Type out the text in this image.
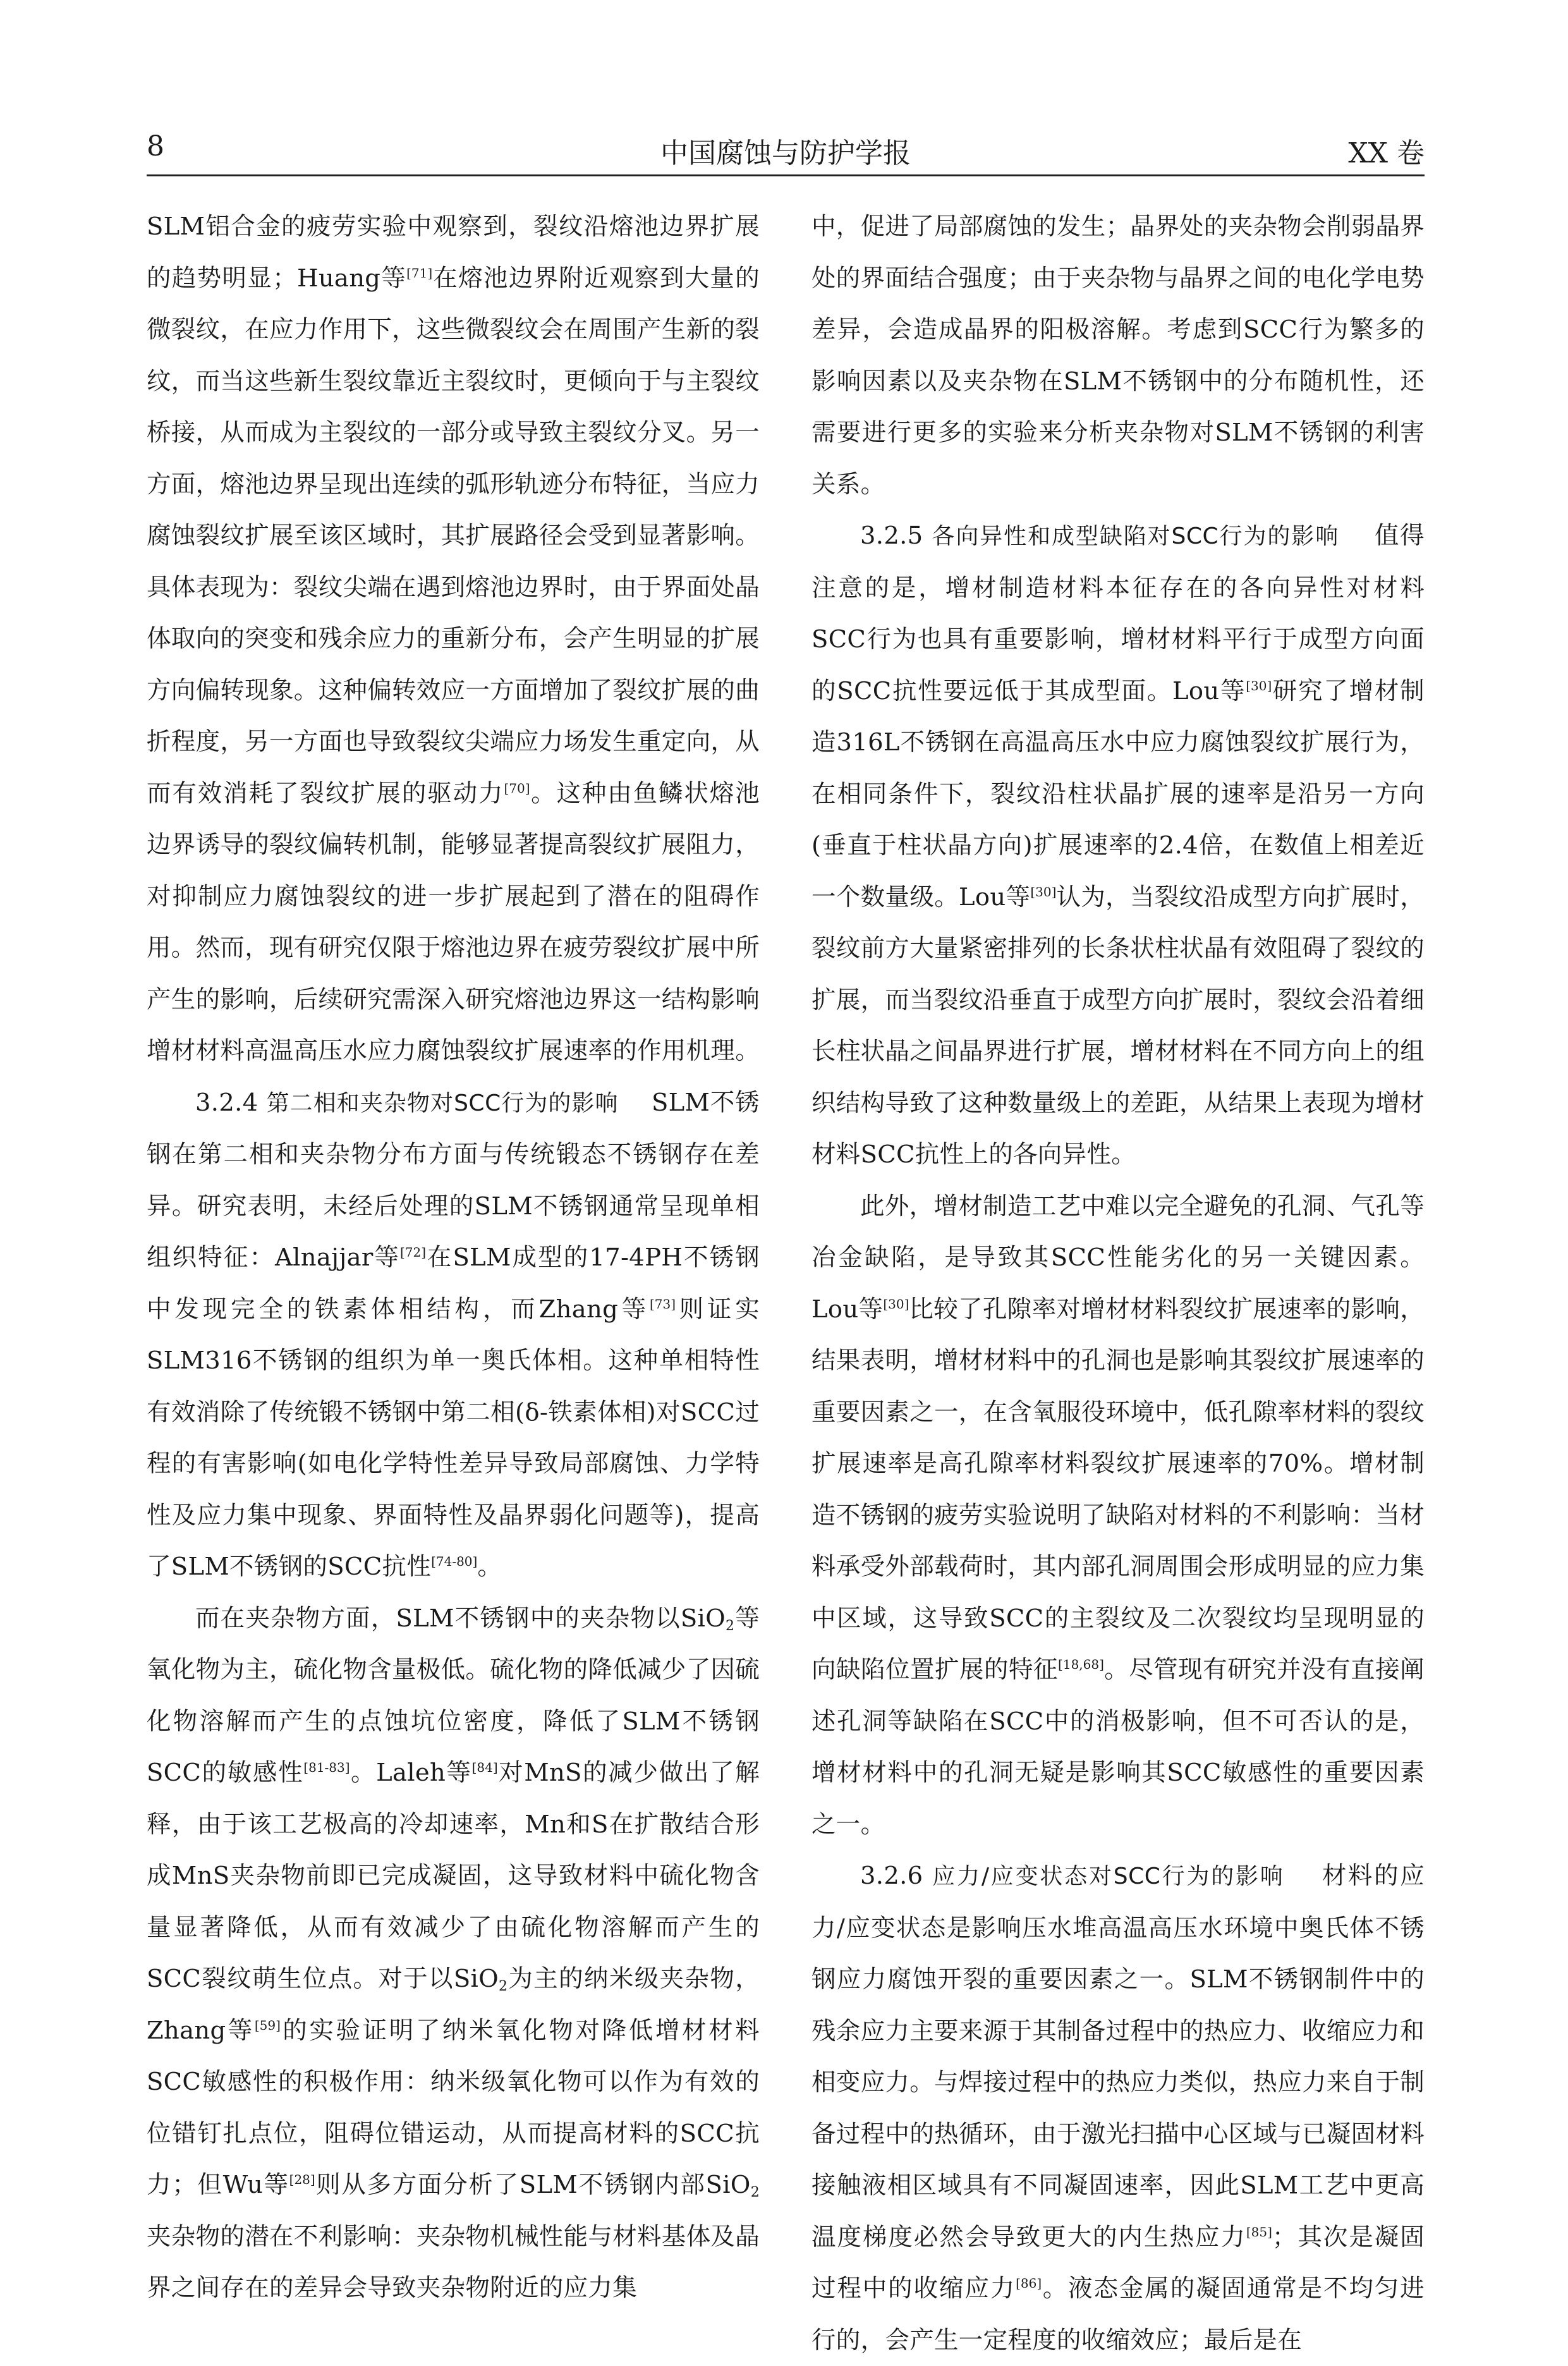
8	中国腐蚀与防护学报	XX 卷

SLM铝合金的疲劳实验中观察到，裂纹沿熔池边界扩展的趋势明显；Huang等[71]在熔池边界附近观察到大量的微裂纹，在应力作用下，这些微裂纹会在周围产生新的裂纹，而当这些新生裂纹靠近主裂纹时，更倾向于与主裂纹桥接，从而成为主裂纹的一部分或导致主裂纹分叉。另一方面，熔池边界呈现出连续的弧形轨迹分布特征，当应力腐蚀裂纹扩展至该区域时，其扩展路径会受到显著影响。具体表现为：裂纹尖端在遇到熔池边界时，由于界面处晶体取向的突变和残余应力的重新分布，会产生明显的扩展方向偏转现象。这种偏转效应一方面增加了裂纹扩展的曲折程度，另一方面也导致裂纹尖端应力场发生重定向，从而有效消耗了裂纹扩展的驱动力[70]。这种由鱼鳞状熔池边界诱导的裂纹偏转机制，能够显著提高裂纹扩展阻力，对抑制应力腐蚀裂纹的进一步扩展起到了潜在的阻碍作用。然而，现有研究仅限于熔池边界在疲劳裂纹扩展中所产生的影响，后续研究需深入研究熔池边界这一结构影响增材材料高温高压水应力腐蚀裂纹扩展速率的作用机理。

3.2.4 第二相和夹杂物对SCC行为的影响 SLM不锈钢在第二相和夹杂物分布方面与传统锻态不锈钢存在差异。研究表明，未经后处理的SLM不锈钢通常呈现单相组织特征：Alnajjar等[72]在SLM成型的17-4PH不锈钢中发现完全的铁素体相结构，而Zhang等[73]则证实SLM316不锈钢的组织为单一奥氏体相。这种单相特性有效消除了传统锻不锈钢中第二相(δ-铁素体相)对SCC过程的有害影响(如电化学特性差异导致局部腐蚀、力学特性及应力集中现象、界面特性及晶界弱化问题等)，提高了SLM不锈钢的SCC抗性[74-80]。

而在夹杂物方面，SLM不锈钢中的夹杂物以SiO$_2$等氧化物为主，硫化物含量极低。硫化物的降低减少了因硫化物溶解而产生的点蚀坑位密度，降低了SLM不锈钢SCC的敏感性[81-83]。Laleh等[84]对MnS的减少做出了解释，由于该工艺极高的冷却速率，Mn和S在扩散结合形成MnS夹杂物前即已完成凝固，这导致材料中硫化物含量显著降低，从而有效减少了由硫化物溶解而产生的SCC裂纹萌生位点。对于以SiO$_2$为主的纳米级夹杂物，Zhang等[59]的实验证明了纳米氧化物对降低增材材料SCC敏感性的积极作用：纳米级氧化物可以作为有效的位错钉扎点位，阻碍位错运动，从而提高材料的SCC抗力；但Wu等[28]则从多方面分析了SLM不锈钢内部SiO$_2$夹杂物的潜在不利影响：夹杂物机械性能与材料基体及晶界之间存在的差异会导致夹杂物附近的应力集

中，促进了局部腐蚀的发生；晶界处的夹杂物会削弱晶界处的界面结合强度；由于夹杂物与晶界之间的电化学电势差异，会造成晶界的阳极溶解。考虑到SCC行为繁多的影响因素以及夹杂物在SLM不锈钢中的分布随机性，还需要进行更多的实验来分析夹杂物对SLM不锈钢的利害关系。

3.2.5 各向异性和成型缺陷对SCC行为的影响 值得注意的是，增材制造材料本征存在的各向异性对材料SCC行为也具有重要影响，增材材料平行于成型方向面的SCC抗性要远低于其成型面。Lou等[30]研究了增材制造316L不锈钢在高温高压水中应力腐蚀裂纹扩展行为，在相同条件下，裂纹沿柱状晶扩展的速率是沿另一方向(垂直于柱状晶方向)扩展速率的2.4倍，在数值上相差近一个数量级。Lou等[30]认为，当裂纹沿成型方向扩展时，裂纹前方大量紧密排列的长条状柱状晶有效阻碍了裂纹的扩展，而当裂纹沿垂直于成型方向扩展时，裂纹会沿着细长柱状晶之间晶界进行扩展，增材材料在不同方向上的组织结构导致了这种数量级上的差距，从结果上表现为增材材料SCC抗性上的各向异性。

此外，增材制造工艺中难以完全避免的孔洞、气孔等冶金缺陷，是导致其SCC性能劣化的另一关键因素。Lou等[30]比较了孔隙率对增材材料裂纹扩展速率的影响，结果表明，增材材料中的孔洞也是影响其裂纹扩展速率的重要因素之一，在含氧服役环境中，低孔隙率材料的裂纹扩展速率是高孔隙率材料裂纹扩展速率的70%。增材制造不锈钢的疲劳实验说明了缺陷对材料的不利影响：当材料承受外部载荷时，其内部孔洞周围会形成明显的应力集中区域，这导致SCC的主裂纹及二次裂纹均呈现明显的向缺陷位置扩展的特征[18,68]。尽管现有研究并没有直接阐述孔洞等缺陷在SCC中的消极影响，但不可否认的是，增材材料中的孔洞无疑是影响其SCC敏感性的重要因素之一。

3.2.6 应力/应变状态对SCC行为的影响 材料的应力/应变状态是影响压水堆高温高压水环境中奥氏体不锈钢应力腐蚀开裂的重要因素之一。SLM不锈钢制件中的残余应力主要来源于其制备过程中的热应力、收缩应力和相变应力。与焊接过程中的热应力类似，热应力来自于制备过程中的热循环，由于激光扫描中心区域与已凝固材料接触液相区域具有不同凝固速率，因此SLM工艺中更高温度梯度必然会导致更大的内生热应力[85]；其次是凝固过程中的收缩应力[86]。液态金属的凝固通常是不均匀进行的，会产生一定程度的收缩效应；最后是在
